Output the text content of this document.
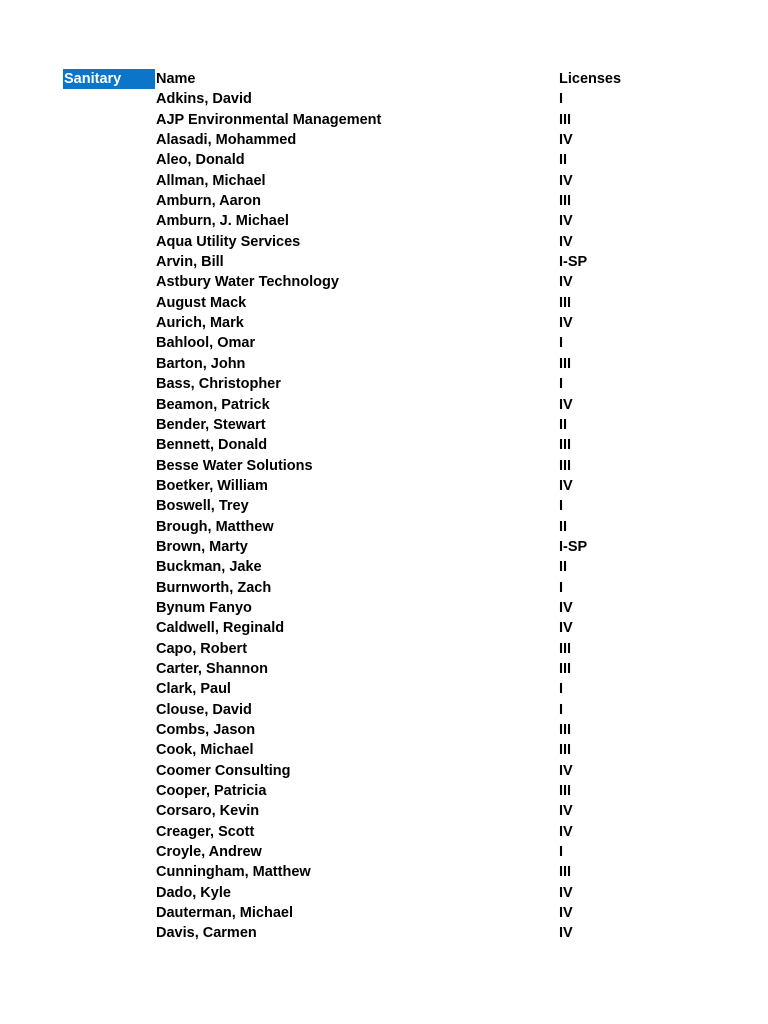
Sanitary	Name	Licenses
Adkins, David	I
AJP Environmental Management	III
Alasadi, Mohammed	IV
Aleo, Donald	II
Allman, Michael	IV
Amburn, Aaron	III
Amburn, J. Michael	IV
Aqua Utility Services	IV
Arvin, Bill	I-SP
Astbury Water Technology	IV
August Mack	III
Aurich, Mark	IV
Bahlool, Omar	I
Barton, John	III
Bass, Christopher	I
Beamon, Patrick	IV
Bender, Stewart	II
Bennett, Donald	III
Besse Water Solutions	III
Boetker, William	IV
Boswell, Trey	I
Brough, Matthew	II
Brown, Marty	I-SP
Buckman, Jake	II
Burnworth, Zach	I
Bynum Fanyo	IV
Caldwell, Reginald	IV
Capo, Robert	III
Carter, Shannon	III
Clark, Paul	I
Clouse, David	I
Combs, Jason	III
Cook, Michael	III
Coomer Consulting	IV
Cooper, Patricia	III
Corsaro, Kevin	IV
Creager, Scott	IV
Croyle, Andrew	I
Cunningham, Matthew	III
Dado, Kyle	IV
Dauterman, Michael	IV
Davis, Carmen	IV
